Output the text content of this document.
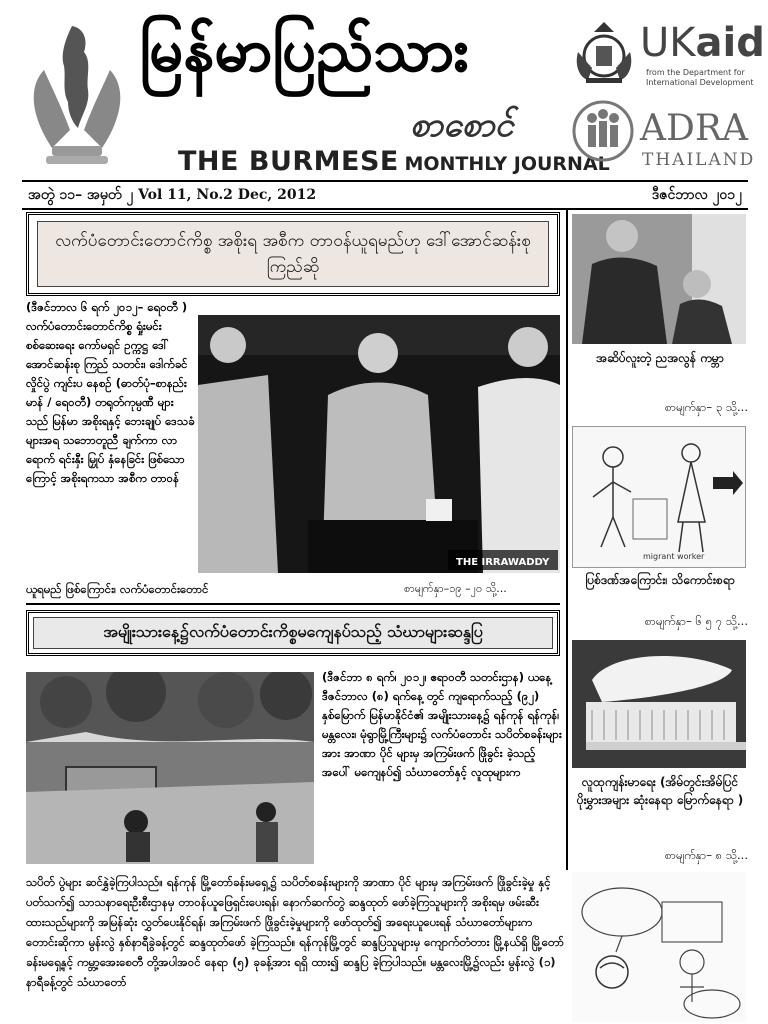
မြန်မာပြည်သား
စာစောင်
THE BURMESE MONTHLY JOURNAL
UKaid
from the Department for
International Development
ADRA
THAILAND
အတွဲ ၁၁– အမှတ် ၂ Vol 11, No.2 Dec, 2012	ဒီဇင်ဘာလ ၂၀၁၂
လက်ပံတောင်းတောင်ကိစ္စ အစိုးရ အစီက တာဝန်ယူရမည်ဟု ဒေါ်အောင်ဆန်းစုကြည်ဆို
(ဒီဇင်ဘာလ ၆ ရက် ၂၀၁၂– ရေဝတီ ) လက်ပံတောင်းတောင်ကိစ္စ ရှုံးမင်း စစ်ဆေးရေး ကော်မရှင် ဥက္ကဋ္ဌ ဒေါ်အောင်ဆန်းစု ကြည် သတင်း၊ ဒေါက်ခင်လှိုင်ပွဲ ကျင်းပ နေစဉ် (ဓာတ်ပုံ–စာနည်းမာန် / ရေဝတီ) တရုတ်ကုမ္ပဏီ များ သည် မြန်မာ အစိုးရနှင့် ဘေးချုပ် ဒေသခံများအရ သဘောတူညီ ချက်ကာ လာရောက် ရင်းနှီး မြှုပ် နှံနေခြင်း ဖြစ်သော ကြောင့် အစိုးရကသာ အစီက တာဝန်
THE IRRAWADDY
ယူရမည် ဖြစ်ကြောင်း၊ လက်ပံတောင်းတောင်	စာမျက်နှာ–၁၉ –၂၀ သို့...
အမျိုးသားနေ့၌လက်ပံတောင်းကိစ္စမကျေနပ်သည့် သံဃာများဆန္ဒပြ
(ဒီဇင်ဘာ ၈ ရက်၊ ၂၀၁၂၊ ဧရာဝတီ သတင်းဌာန) ယနေ့ ဒီဇင်ဘာလ (၈) ရက်နေ့ တွင် ကျရောက်သည့် (၉၂) နှစ်မြောက် မြန်မာနိုင်ငံ၏ အမျိုးသားနေ့၌ ရန်ကုန် ရန်ကုန်၊ မန္တလေး၊ မုံရွာမြို့ကြီးများ၌ လက်ပံတောင်း သပိတ်စခန်းများအား အာဏာ ပိုင် များမှ အကြမ်းဖက် ဖြိုခွင်း ခဲ့သည့်အပေါ် မကျေနပ်၍ သံဃာတော်နှင့် လူထုများက
သပိတ် ပွဲများ ဆင်နွှဲခဲ့ကြပါသည်။ ရန်ကုန် မြို့တော်ခန်းမရှေ့၌ သပိတ်စခန်းများကို အာဏာ ပိုင် များမှ အကြမ်းဖက် ဖြိုခွင်းခဲ့မှု နှင့် ပတ်သက်၍ သာသနာရေးဦးစီးဌာနမှ တာဝန်ယူဖြေရှင်းပေးရန်၊ နောက်ဆက်တွဲ ဆန္ဒထုတ် ဖော်ခဲ့ကြသူများကို အစိုးရမှ ဖမ်းဆီးထားသည်များကို အမြန်ဆုံး လွှတ်ပေးနိုင်ရန်၊ အကြမ်းဖက် ဖြိုခွင်းခဲ့မှုများကို ဖော်ထုတ်၍ အရေးယူပေးရန် သံဃာတော်များက တောင်းဆိုကာ မွန်းလွဲ နှစ်နာရီခွဲခန့်တွင် ဆန္ဒထုတ်ဖော် ခဲ့ကြသည်။ ရန်ကုန်မြို့တွင် ဆန္ဒပြသူများမှ ကျောက်တံတား မြို့နယ်ရှိ မြို့တော် ခန်းမရှေ့နှင့် ကမ္ဘာ့အေးစေတီ တို့အပါအဝင် နေရာ (၅) ခုခန့်အား ရရှိ ထား၍ ဆန္ဒပြ ခဲ့ကြပါသည်။ မန္တလေးမြို့၌လည်း မွန်းလွဲ (၁) နာရီခန့်တွင် သံဃာတော်
အဆိပ်လူးတဲ့ ညအလွန် ကမ္ဘာ
စာမျက်နှာ– ၃ သို့...
migrant worker
ပြစ်ဒဏ်အကြောင်း၊ သိကောင်းစရာ
စာမျက်နှာ– ၆ ၅ ၇ သို့...
လူထုကျန်းမာရေး (အိမ်တွင်းအိမ်ပြင် ပိုးမွှားအများ ဆုံးနေရာ မြောက်နေရာ )
စာမျက်နှာ– ၈ သို့...
